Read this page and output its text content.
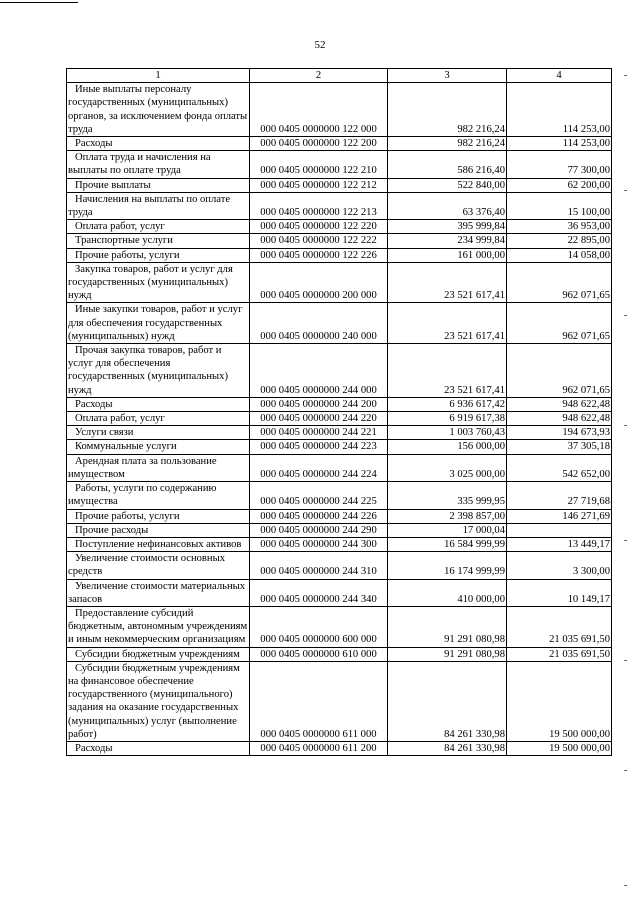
52
1	2	3	4
Иные выплаты персоналу государственных (муниципальных) органов, за исключением фонда оплаты труда	000 0405 0000000 122 000	982 216,24	114 253,00
Расходы	000 0405 0000000 122 200	982 216,24	114 253,00
Оплата труда и начисления на выплаты по оплате труда	000 0405 0000000 122 210	586 216,40	77 300,00
Прочие выплаты	000 0405 0000000 122 212	522 840,00	62 200,00
Начисления на выплаты по оплате труда	000 0405 0000000 122 213	63 376,40	15 100,00
Оплата работ, услуг	000 0405 0000000 122 220	395 999,84	36 953,00
Транспортные услуги	000 0405 0000000 122 222	234 999,84	22 895,00
Прочие работы, услуги	000 0405 0000000 122 226	161 000,00	14 058,00
Закупка товаров, работ и услуг для государственных (муниципальных) нужд	000 0405 0000000 200 000	23 521 617,41	962 071,65
Иные закупки товаров, работ и услуг для обеспечения государственных (муниципальных) нужд	000 0405 0000000 240 000	23 521 617,41	962 071,65
Прочая закупка товаров, работ и услуг для обеспечения государственных (муниципальных) нужд	000 0405 0000000 244 000	23 521 617,41	962 071,65
Расходы	000 0405 0000000 244 200	6 936 617,42	948 622,48
Оплата работ, услуг	000 0405 0000000 244 220	6 919 617,38	948 622,48
Услуги связи	000 0405 0000000 244 221	1 003 760,43	194 673,93
Коммунальные услуги	000 0405 0000000 244 223	156 000,00	37 305,18
Арендная плата за пользование имуществом	000 0405 0000000 244 224	3 025 000,00	542 652,00
Работы, услуги по содержанию имущества	000 0405 0000000 244 225	335 999,95	27 719,68
Прочие работы, услуги	000 0405 0000000 244 226	2 398 857,00	146 271,69
Прочие расходы	000 0405 0000000 244 290	17 000,04	
Поступление нефинансовых активов	000 0405 0000000 244 300	16 584 999,99	13 449,17
Увеличение стоимости основных средств	000 0405 0000000 244 310	16 174 999,99	3 300,00
Увеличение стоимости материальных запасов	000 0405 0000000 244 340	410 000,00	10 149,17
Предоставление субсидий бюджетным, автономным учреждениям и иным некоммерческим организациям	000 0405 0000000 600 000	91 291 080,98	21 035 691,50
Субсидии бюджетным учреждениям	000 0405 0000000 610 000	91 291 080,98	21 035 691,50
Субсидии бюджетным учреждениям на финансовое обеспечение государственного (муниципального) задания на оказание государственных (муниципальных) услуг (выполнение работ)	000 0405 0000000 611 000	84 261 330,98	19 500 000,00
Расходы	000 0405 0000000 611 200	84 261 330,98	19 500 000,00
-
-
-
-
-
-
-
-
